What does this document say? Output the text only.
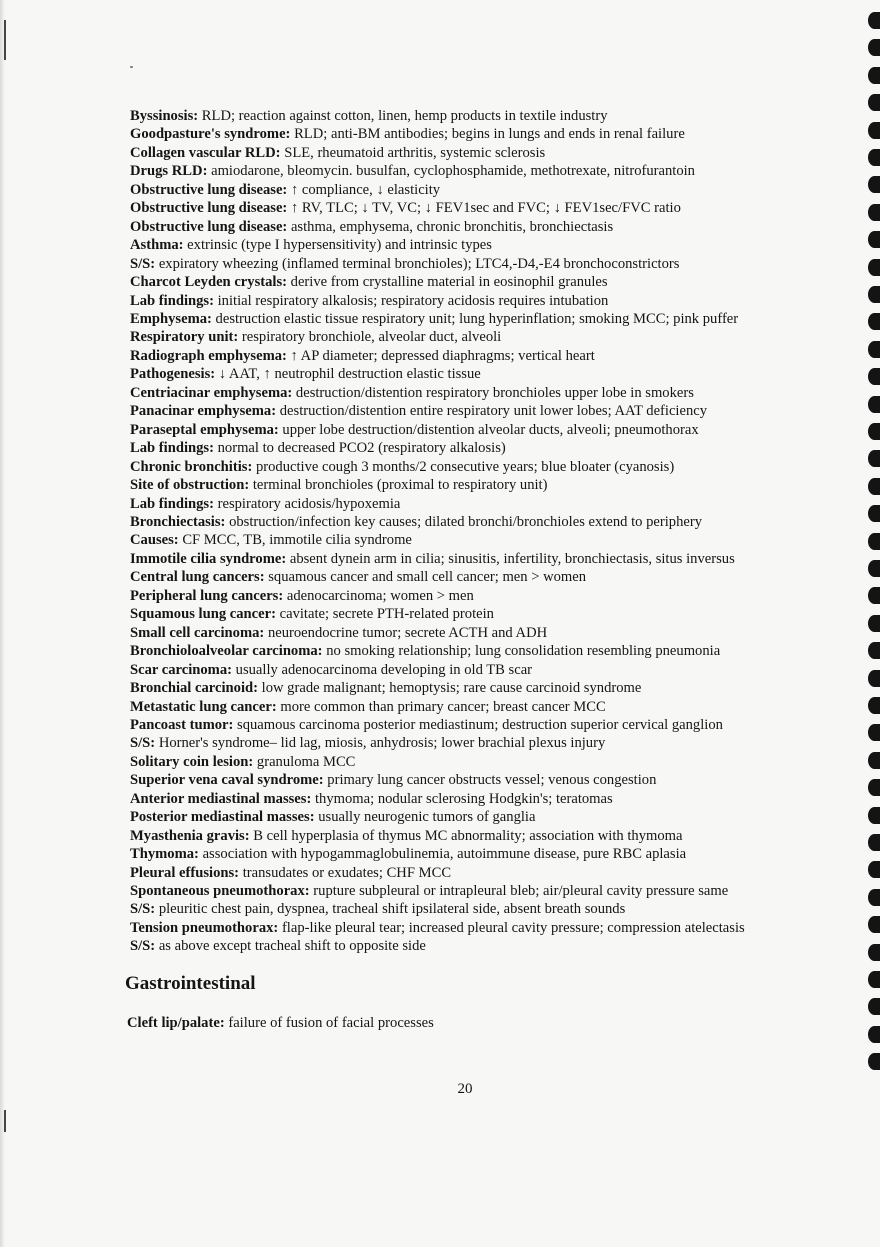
Byssinosis: RLD; reaction against cotton, linen, hemp products in textile industry
Goodpasture's syndrome: RLD; anti-BM antibodies; begins in lungs and ends in renal failure
Collagen vascular RLD: SLE, rheumatoid arthritis, systemic sclerosis
Drugs RLD: amiodarone, bleomycin. busulfan, cyclophosphamide, methotrexate, nitrofurantoin
Obstructive lung disease: ↑ compliance, ↓ elasticity
Obstructive lung disease: ↑ RV, TLC; ↓ TV, VC; ↓ FEV1sec and FVC; ↓ FEV1sec/FVC ratio
Obstructive lung disease: asthma, emphysema, chronic bronchitis, bronchiectasis
Asthma: extrinsic (type I hypersensitivity) and intrinsic types
S/S: expiratory wheezing (inflamed terminal bronchioles); LTC4,-D4,-E4 bronchoconstrictors
Charcot Leyden crystals: derive from crystalline material in eosinophil granules
Lab findings: initial respiratory alkalosis; respiratory acidosis requires intubation
Emphysema: destruction elastic tissue respiratory unit; lung hyperinflation; smoking MCC; pink puffer
Respiratory unit: respiratory bronchiole, alveolar duct, alveoli
Radiograph emphysema: ↑ AP diameter; depressed diaphragms; vertical heart
Pathogenesis: ↓ AAT, ↑ neutrophil destruction elastic tissue
Centriacinar emphysema: destruction/distention respiratory bronchioles upper lobe in smokers
Panacinar emphysema: destruction/distention entire respiratory unit lower lobes; AAT deficiency
Paraseptal emphysema: upper lobe destruction/distention alveolar ducts, alveoli; pneumothorax
Lab findings: normal to decreased PCO2 (respiratory alkalosis)
Chronic bronchitis: productive cough 3 months/2 consecutive years; blue bloater (cyanosis)
Site of obstruction: terminal bronchioles (proximal to respiratory unit)
Lab findings: respiratory acidosis/hypoxemia
Bronchiectasis: obstruction/infection key causes; dilated bronchi/bronchioles extend to periphery
Causes: CF MCC, TB, immotile cilia syndrome
Immotile cilia syndrome: absent dynein arm in cilia; sinusitis, infertility, bronchiectasis, situs inversus
Central lung cancers: squamous cancer and small cell cancer; men > women
Peripheral lung cancers: adenocarcinoma; women > men
Squamous lung cancer: cavitate; secrete PTH-related protein
Small cell carcinoma: neuroendocrine tumor; secrete ACTH and ADH
Bronchioloalveolar carcinoma: no smoking relationship; lung consolidation resembling pneumonia
Scar carcinoma: usually adenocarcinoma developing in old TB scar
Bronchial carcinoid: low grade malignant; hemoptysis; rare cause carcinoid syndrome
Metastatic lung cancer: more common than primary cancer; breast cancer MCC
Pancoast tumor: squamous carcinoma posterior mediastinum; destruction superior cervical ganglion
S/S: Horner's syndrome– lid lag, miosis, anhydrosis; lower brachial plexus injury
Solitary coin lesion: granuloma MCC
Superior vena caval syndrome: primary lung cancer obstructs vessel; venous congestion
Anterior mediastinal masses: thymoma; nodular sclerosing Hodgkin's; teratomas
Posterior mediastinal masses: usually neurogenic tumors of ganglia
Myasthenia gravis: B cell hyperplasia of thymus MC abnormality; association with thymoma
Thymoma: association with hypogammaglobulinemia, autoimmune disease, pure RBC aplasia
Pleural effusions: transudates or exudates; CHF MCC
Spontaneous pneumothorax: rupture subpleural or intrapleural bleb; air/pleural cavity pressure same
S/S: pleuritic chest pain, dyspnea, tracheal shift ipsilateral side, absent breath sounds
Tension pneumothorax: flap-like pleural tear; increased pleural cavity pressure; compression atelectasis
S/S: as above except tracheal shift to opposite side
Gastrointestinal
Cleft lip/palate: failure of fusion of facial processes
20
